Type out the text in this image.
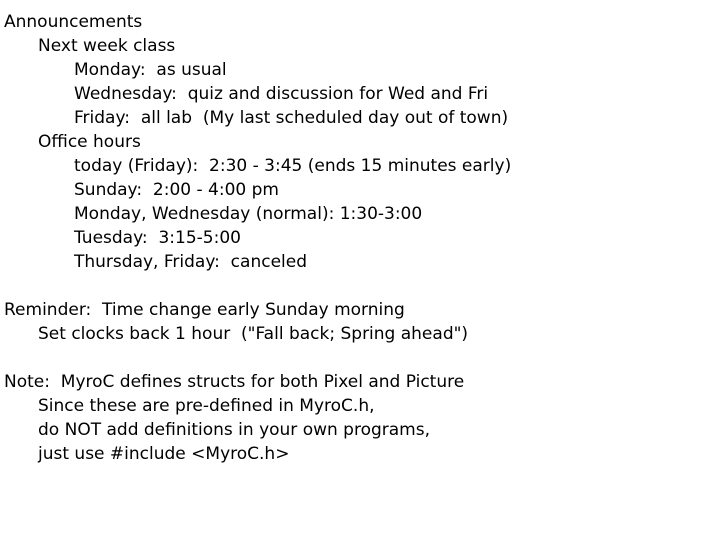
Announcements
Next week class
Monday:  as usual
Wednesday:  quiz and discussion for Wed and Fri
Friday:  all lab  (My last scheduled day out of town)
Office hours
today (Friday):  2:30 - 3:45 (ends 15 minutes early)
Sunday:  2:00 - 4:00 pm
Monday, Wednesday (normal): 1:30-3:00
Tuesday:  3:15-5:00
Thursday, Friday:  canceled
Reminder:  Time change early Sunday morning
Set clocks back 1 hour  ("Fall back; Spring ahead")
Note:  MyroC defines structs for both Pixel and Picture
Since these are pre-defined in MyroC.h,
do NOT add definitions in your own programs,
just use #include <MyroC.h>
